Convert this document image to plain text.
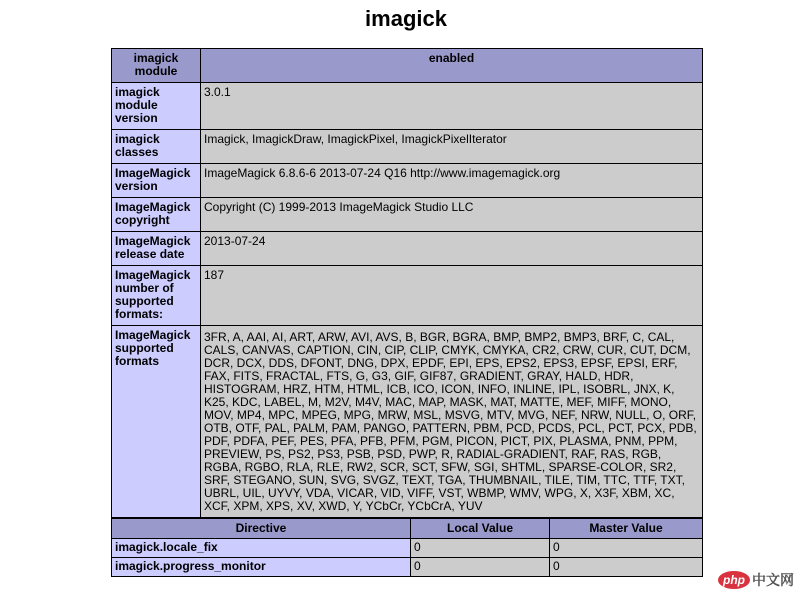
imagick
imagick module	enabled
imagick module version	3.0.1
imagick classes	Imagick, ImagickDraw, ImagickPixel, ImagickPixelIterator
ImageMagick version	ImageMagick 6.8.6-6 2013-07-24 Q16 http://www.imagemagick.org
ImageMagick copyright	Copyright (C) 1999-2013 ImageMagick Studio LLC
ImageMagick release date	2013-07-24
ImageMagick number of supported formats:	187
ImageMagick supported formats	3FR, A, AAI, AI, ART, ARW, AVI, AVS, B, BGR, BGRA, BMP, BMP2, BMP3, BRF, C, CAL, CALS, CANVAS, CAPTION, CIN, CIP, CLIP, CMYK, CMYKA, CR2, CRW, CUR, CUT, DCM, DCR, DCX, DDS, DFONT, DNG, DPX, EPDF, EPI, EPS, EPS2, EPS3, EPSF, EPSI, ERF, FAX, FITS, FRACTAL, FTS, G, G3, GIF, GIF87, GRADIENT, GRAY, HALD, HDR, HISTOGRAM, HRZ, HTM, HTML, ICB, ICO, ICON, INFO, INLINE, IPL, ISOBRL, JNX, K, K25, KDC, LABEL, M, M2V, M4V, MAC, MAP, MASK, MAT, MATTE, MEF, MIFF, MONO, MOV, MP4, MPC, MPEG, MPG, MRW, MSL, MSVG, MTV, MVG, NEF, NRW, NULL, O, ORF, OTB, OTF, PAL, PALM, PAM, PANGO, PATTERN, PBM, PCD, PCDS, PCL, PCT, PCX, PDB, PDF, PDFA, PEF, PES, PFA, PFB, PFM, PGM, PICON, PICT, PIX, PLASMA, PNM, PPM, PREVIEW, PS, PS2, PS3, PSB, PSD, PWP, R, RADIAL-GRADIENT, RAF, RAS, RGB, RGBA, RGBO, RLA, RLE, RW2, SCR, SCT, SFW, SGI, SHTML, SPARSE-COLOR, SR2, SRF, STEGANO, SUN, SVG, SVGZ, TEXT, TGA, THUMBNAIL, TILE, TIM, TTC, TTF, TXT, UBRL, UIL, UYVY, VDA, VICAR, VID, VIFF, VST, WBMP, WMV, WPG, X, X3F, XBM, XC, XCF, XPM, XPS, XV, XWD, Y, YCbCr, YCbCrA, YUV
Directive	Local Value	Master Value
imagick.locale_fix	0	0
imagick.progress_monitor	0	0
php 中文网
